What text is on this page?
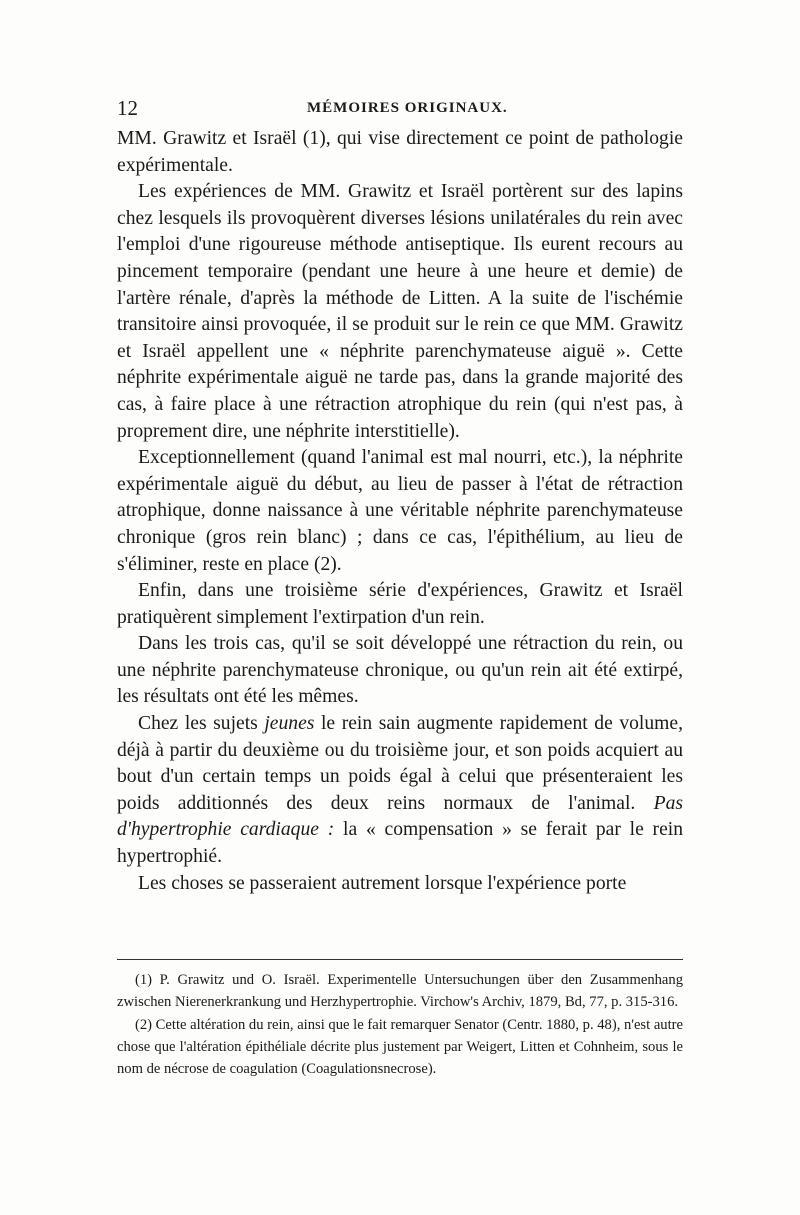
12	MÉMOIRES ORIGINAUX.

MM. Grawitz et Israël (1), qui vise directement ce point de pathologie expérimentale.

Les expériences de MM. Grawitz et Israël portèrent sur des lapins chez lesquels ils provoquèrent diverses lésions unilatérales du rein avec l'emploi d'une rigoureuse méthode antiseptique. Ils eurent recours au pincement temporaire (pendant une heure à une heure et demie) de l'artère rénale, d'après la méthode de Litten. A la suite de l'ischémie transitoire ainsi provoquée, il se produit sur le rein ce que MM. Grawitz et Israël appellent une « néphrite parenchymateuse aiguë ». Cette néphrite expérimentale aiguë ne tarde pas, dans la grande majorité des cas, à faire place à une rétraction atrophique du rein (qui n'est pas, à proprement dire, une néphrite interstitielle).

Exceptionnellement (quand l'animal est mal nourri, etc.), la néphrite expérimentale aiguë du début, au lieu de passer à l'état de rétraction atrophique, donne naissance à une véritable néphrite parenchymateuse chronique (gros rein blanc) ; dans ce cas, l'épithélium, au lieu de s'éliminer, reste en place (2).

Enfin, dans une troisième série d'expériences, Grawitz et Israël pratiquèrent simplement l'extirpation d'un rein.

Dans les trois cas, qu'il se soit développé une rétraction du rein, ou une néphrite parenchymateuse chronique, ou qu'un rein ait été extirpé, les résultats ont été les mêmes.

Chez les sujets jeunes le rein sain augmente rapidement de volume, déjà à partir du deuxième ou du troisième jour, et son poids acquiert au bout d'un certain temps un poids égal à celui que présenteraient les poids additionnés des deux reins normaux de l'animal. Pas d'hypertrophie cardiaque : la « compensation » se ferait par le rein hypertrophié.

Les choses se passeraient autrement lorsque l'expérience porte

(1) P. Grawitz und O. Israël. Experimentelle Untersuchungen über den Zusammenhang zwischen Nierenerkrankung und Herzhypertrophie. Virchow's Archiv, 1879, Bd, 77, p. 315-316.

(2) Cette altération du rein, ainsi que le fait remarquer Senator (Centr. 1880, p. 48), n'est autre chose que l'altération épithéliale décrite plus justement par Weigert, Litten et Cohnheim, sous le nom de nécrose de coagulation (Coagulationsnecrose).
